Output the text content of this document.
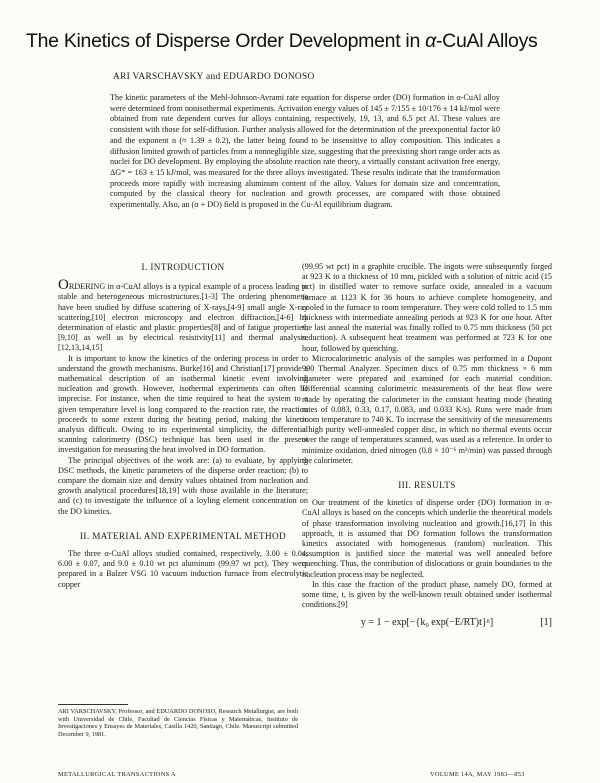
The Kinetics of Disperse Order Development in α-CuAl Alloys
ARI VARSCHAVSKY and EDUARDO DONOSO
The kinetic parameters of the Mehl-Johnson-Avrami rate equation for disperse order (DO) formation in α-CuAl alloy were determined from nonisothermal experiments. Activation energy values of 145 ± 7/155 ± 10/176 ± 14 kJ/mol were obtained from rate dependent curves for alloys containing, respectively, 19, 13, and 6.5 pct Al. These values are consistent with those for self-diffusion. Further analysis allowed for the determination of the preexponential factor k0 and the exponent n (≈ 1.39 ± 0.2), the latter being found to be insensitive to alloy composition. This indicates a diffusion limited growth of particles from a nonnegligible size, suggesting that the preexisting short range order acts as nuclei for DO development. By employing the absolute reaction rate theory, a virtually constant activation free energy, ΔG* = 163 ± 15 kJ/mol, was measured for the three alloys investigated. These results indicate that the transformation proceeds more rapidly with increasing aluminum content of the alloy. Values for domain size and concentration, computed by the classical theory for nucleation and growth processes, are compared with those obtained experimentally. Also, an (α + DO) field is proposed in the Cu-Al equilibrium diagram.
I. INTRODUCTION

ORDERING in α-CuAl alloys is a typical example of a process leading to stable and heterogeneous microstructures.[1-3] The ordering phenomena have been studied by diffuse scattering of X-rays,[4-9] small angle X-ray scattering,[10] electron microscopy and electron diffraction,[4-6] by determination of elastic and plastic properties[8] and of fatigue properties,[9,10] as well as by electrical resistivity[11] and thermal analysis.[12,13,14,15]

It is important to know the kinetics of the ordering process in order to understand the growth mechanisms. Burke[16] and Christian[17] provide a mathematical description of an isothermal kinetic event involving nucleation and growth. However, isothermal experiments can often be imprecise. For instance, when the time required to heat the system to a given temperature level is long compared to the reaction rate, the reaction proceeds to some extent during the heating period, making the kinetic analysis difficult. Owing to its experimental simplicity, the differential scanning calorimetry (DSC) technique has been used in the present investigation for measuring the heat involved in DO formation.

The principal objectives of the work are: (a) to evaluate, by applying DSC methods, the kinetic parameters of the disperse order reaction; (b) to compare the domain size and density values obtained from nucleation and growth analytical procedures[18,19] with those available in the literature; and (c) to investigate the influence of a loyling element concentration on the DO kinetics.

II. MATERIAL AND EXPERIMENTAL METHOD

The three α-CuAl alloys studied contained, respectively, 3.00 ± 0.04, 6.00 ± 0.07, and 9.0 ± 0.10 wt pct aluminum (99.97 wt pct). They were prepared in a Balzer VSG 10 vacuum induction furnace from electrolytic copper

(99.95 wt pct) in a graphite crucible. The ingots were subsequently forged at 923 K to a thickness of 10 mm, pickled with a solution of nitric acid (15 pct) in distilled water to remove surface oxide, annealed in a vacuum furnace at 1123 K for 36 hours to achieve complete homogeneity, and cooled in the furnace to room temperature. They were cold rolled to 1.5 mm thickness with intermediate annealing periods at 923 K for one hour. After the last anneal the material was finally rolled to 0.75 mm thickness (50 pct reduction). A subsequent heat treatment was performed at 723 K for one hour, followed by quenching.

Microcalorimetric analysis of the samples was performed in a Dupont 990 Thermal Analyzer. Specimen discs of 0.75 mm thickness × 6 mm diameter were prepared and examined for each material condition. Differential scanning calorimetric measurements of the heat flow were made by operating the calorimeter in the constant heating mode (heating rates of 0.083, 0.33, 0.17, 0.083, and 0.033 K/s). Runs were made from room temperature to 740 K. To increase the sensitivity of the measurements a high purity well-annealed copper disc, in which no thermal events occur over the range of temperatures scanned, was used as a reference. In order to minimize oxidation, dried nitrogen (0.8 × 10⁻⁶ m³/min) was passed through the calorimeter.

III. RESULTS

Our treatment of the kinetics of disperse order (DO) formation in α-CuAl alloys is based on the concepts which underlie the theoretical models of phase transformation involving nucleation and growth.[16,17] In this approach, it is assumed that DO formation follows the transformation kinetics associated with homogeneous (random) nucleation. This assumption is justified since the material was well annealed before quenching. Thus, the contribution of dislocations or grain boundaries to the nucleation process may be neglected.

In this case the fraction of the product phase, namely DO, formed at some time, t, is given by the well-known result obtained under isothermal conditions.[9]

y = 1 − exp[−{k₀ exp(−E/RT)t}ⁿ]	[1]
ARI VARSCHAVSKY, Professor, and EDUARDO DONOSO, Research Metallurgist, are both with Universidad de Chile, Facultad de Ciencias Físicas y Matemáticas, Instituto de Investigaciones y Ensayes de Materiales, Casilla 1420, Santiago, Chile. Manuscript submitted December 9, 1981.
METALLURGICAL TRANSACTIONS A	VOLUME 14A, MAY 1983—853
